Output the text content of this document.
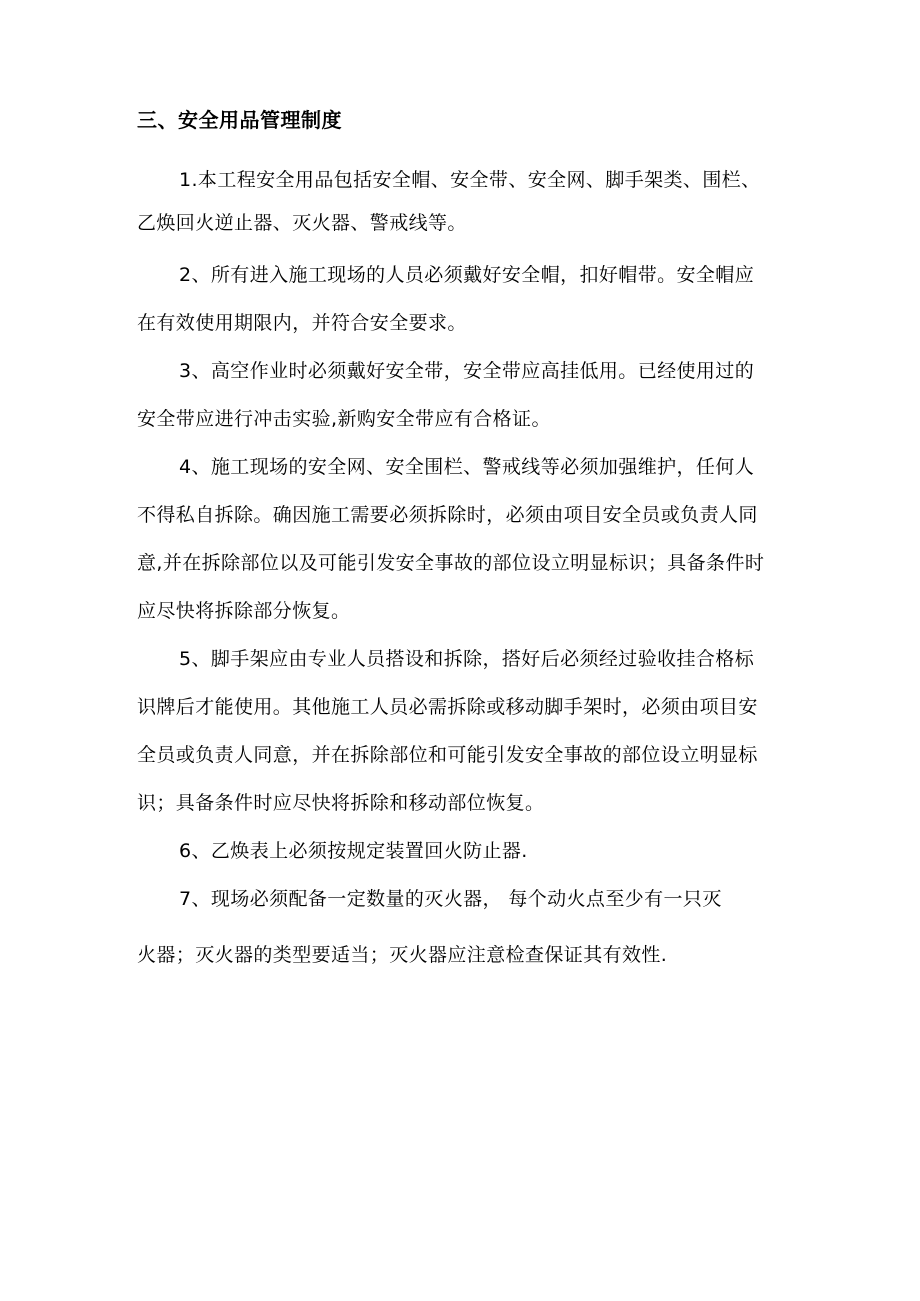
三、安全用品管理制度
1.本工程安全用品包括安全帽、安全带、安全网、脚手架类、围栏、
乙焕回火逆止器、灭火器、警戒线等。
2、所有进入施工现场的人员必须戴好安全帽，扣好帽带。安全帽应
在有效使用期限内，并符合安全要求。
3、高空作业时必须戴好安全带，安全带应高挂低用。已经使用过的
安全带应进行冲击实验,新购安全带应有合格证。
4、施工现场的安全网、安全围栏、警戒线等必须加强维护，任何人
不得私自拆除。确因施工需要必须拆除时，必须由项目安全员或负责人同
意,并在拆除部位以及可能引发安全事故的部位设立明显标识；具备条件时
应尽快将拆除部分恢复。
5、脚手架应由专业人员搭设和拆除，搭好后必须经过验收挂合格标
识牌后才能使用。其他施工人员必需拆除或移动脚手架时，必须由项目安
全员或负责人同意，并在拆除部位和可能引发安全事故的部位设立明显标
识；具备条件时应尽快将拆除和移动部位恢复。
6、乙焕表上必须按规定装置回火防止器.
7、现场必须配备一定数量的灭火器， 每个动火点至少有一只灭
火器；灭火器的类型要适当；灭火器应注意检查保证其有效性.
